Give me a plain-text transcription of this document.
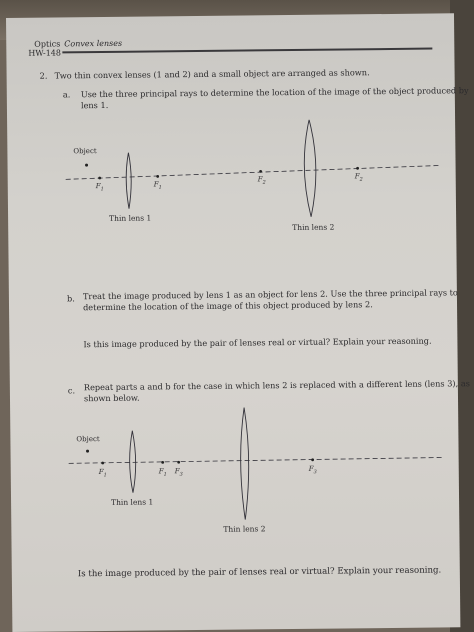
Optics
HW-148
Convex lenses
2. Two thin convex lenses (1 and 2) and a small object are arranged as shown.
a. Use the three principal rays to determine the location of the image of the object produced by
lens 1.
Object
$F_1$
$F_1$
$F_2$
$F_2$
Thin lens 1
Thin lens 2
b. Treat the image produced by lens 1 as an object for lens 2. Use the three principal rays to
determine the location of the image of this object produced by lens 2.
Is this image produced by the pair of lenses real or virtual? Explain your reasoning.
c. Repeat parts a and b for the case in which lens 2 is replaced with a different lens (lens 3), as
shown below.
Object
$F_1$	$F_1$ $F_3$
$F_3$
Thin lens 1
Thin lens 2
Is the image produced by the pair of lenses real or virtual? Explain your reasoning.
